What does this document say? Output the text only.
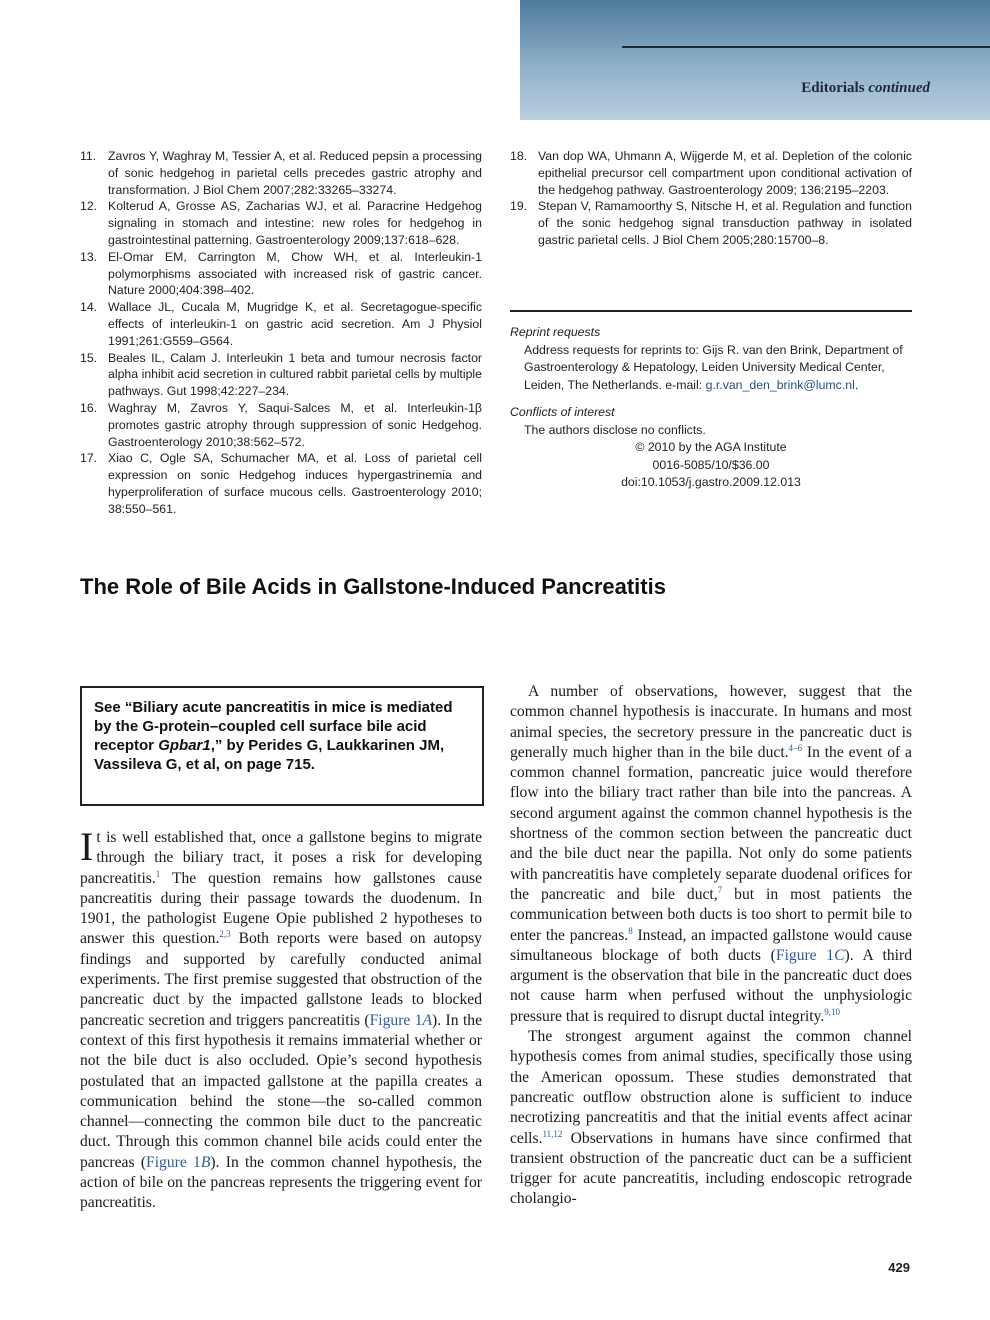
Editorials continued
11. Zavros Y, Waghray M, Tessier A, et al. Reduced pepsin a processing of sonic hedgehog in parietal cells precedes gastric atrophy and transformation. J Biol Chem 2007;282:33265–33274.
12. Kolterud A, Grosse AS, Zacharias WJ, et al. Paracrine Hedgehog signaling in stomach and intestine: new roles for hedgehog in gastrointestinal patterning. Gastroenterology 2009;137:618–628.
13. El-Omar EM, Carrington M, Chow WH, et al. Interleukin-1 polymorphisms associated with increased risk of gastric cancer. Nature 2000;404:398–402.
14. Wallace JL, Cucala M, Mugridge K, et al. Secretagogue-specific effects of interleukin-1 on gastric acid secretion. Am J Physiol 1991;261:G559–G564.
15. Beales IL, Calam J. Interleukin 1 beta and tumour necrosis factor alpha inhibit acid secretion in cultured rabbit parietal cells by multiple pathways. Gut 1998;42:227–234.
16. Waghray M, Zavros Y, Saqui-Salces M, et al. Interleukin-1β promotes gastric atrophy through suppression of sonic Hedgehog. Gastroenterology 2010;38:562–572.
17. Xiao C, Ogle SA, Schumacher MA, et al. Loss of parietal cell expression on sonic Hedgehog induces hypergastrinemia and hyperproliferation of surface mucous cells. Gastroenterology 2010; 38:550–561.
18. Van dop WA, Uhmann A, Wijgerde M, et al. Depletion of the colonic epithelial precursor cell compartment upon conditional activation of the hedgehog pathway. Gastroenterology 2009; 136:2195–2203.
19. Stepan V, Ramamoorthy S, Nitsche H, et al. Regulation and function of the sonic hedgehog signal transduction pathway in isolated gastric parietal cells. J Biol Chem 2005;280:15700–8.
Reprint requests
Address requests for reprints to: Gijs R. van den Brink, Department of Gastroenterology & Hepatology, Leiden University Medical Center, Leiden, The Netherlands. e-mail: g.r.van_den_brink@lumc.nl.
Conflicts of interest
The authors disclose no conflicts.
© 2010 by the AGA Institute
0016-5085/10/$36.00
doi:10.1053/j.gastro.2009.12.013
The Role of Bile Acids in Gallstone-Induced Pancreatitis
See “Biliary acute pancreatitis in mice is mediated by the G-protein–coupled cell surface bile acid receptor Gpbar1,” by Perides G, Laukkarinen JM, Vassileva G, et al, on page 715.

It is well established that, once a gallstone begins to migrate through the biliary tract, it poses a risk for developing pancreatitis.$^1$ The question remains how gallstones cause pancreatitis during their passage towards the duodenum. In 1901, the pathologist Eugene Opie published 2 hypotheses to answer this question.$^{2,3}$ Both reports were based on autopsy findings and supported by carefully conducted animal experiments. The first premise suggested that obstruction of the pancreatic duct by the impacted gallstone leads to blocked pancreatic secretion and triggers pancreatitis (Figure 1A). In the context of this first hypothesis it remains immaterial whether or not the bile duct is also occluded. Opie’s second hypothesis postulated that an impacted gallstone at the papilla creates a communication behind the stone—the so-called common channel—connecting the common bile duct to the pancreatic duct. Through this common channel bile acids could enter the pancreas (Figure 1B). In the common channel hypothesis, the action of bile on the pancreas represents the triggering event for pancreatitis.

A number of observations, however, suggest that the common channel hypothesis is inaccurate. In humans and most animal species, the secretory pressure in the pancreatic duct is generally much higher than in the bile duct.$^{4-6}$ In the event of a common channel formation, pancreatic juice would therefore flow into the biliary tract rather than bile into the pancreas. A second argument against the common channel hypothesis is the shortness of the common section between the pancreatic duct and the bile duct near the papilla. Not only do some patients with pancreatitis have completely separate duodenal orifices for the pancreatic and bile duct,$^7$ but in most patients the communication between both ducts is too short to permit bile to enter the pancreas.$^8$ Instead, an impacted gallstone would cause simultaneous blockage of both ducts (Figure 1C). A third argument is the observation that bile in the pancreatic duct does not cause harm when perfused without the unphysiologic pressure that is required to disrupt ductal integrity.$^{9,10}$

The strongest argument against the common channel hypothesis comes from animal studies, specifically those using the American opossum. These studies demonstrated that pancreatic outflow obstruction alone is sufficient to induce necrotizing pancreatitis and that the initial events affect acinar cells.$^{11,12}$ Observations in humans have since confirmed that transient obstruction of the pancreatic duct can be a sufficient trigger for acute pancreatitis, including endoscopic retrograde cholangio-

429
